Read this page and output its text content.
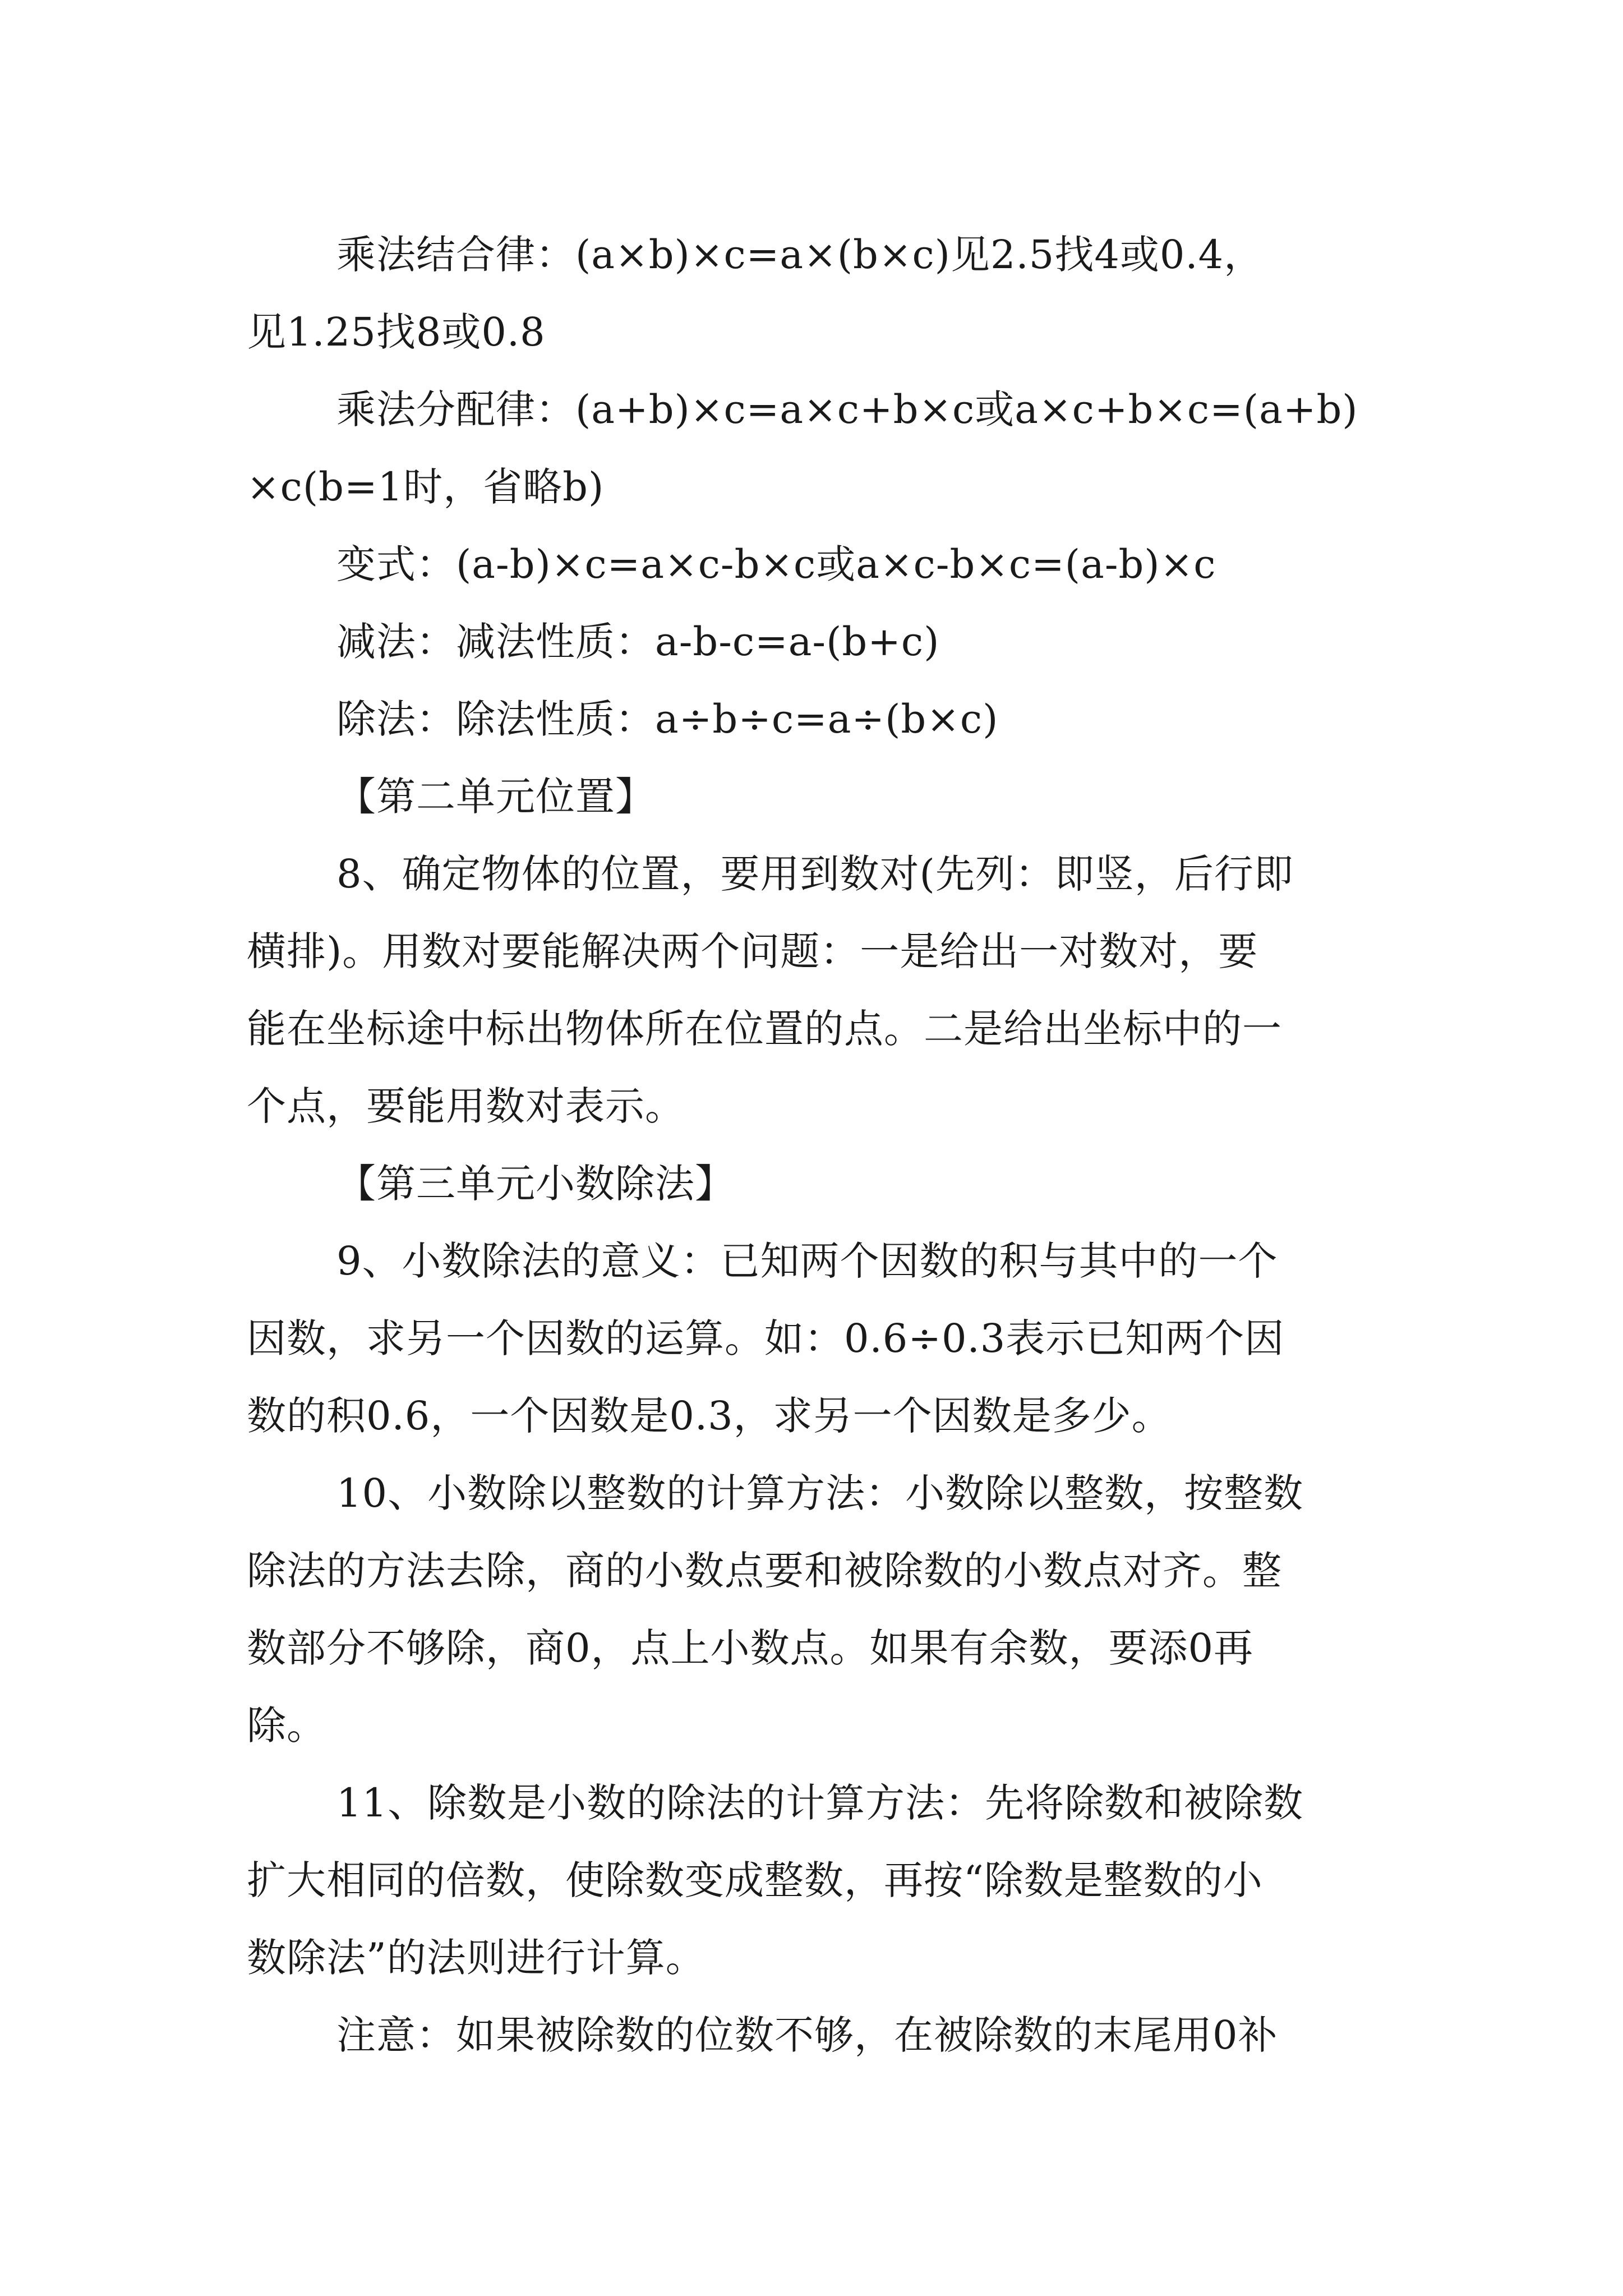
乘法结合律：(a×b)×c=a×(b×c)见2.5找4或0.4，
见1.25找8或0.8
乘法分配律：(a+b)×c=a×c+b×c或a×c+b×c=(a+b)
×c(b=1时，省略b)
变式：(a-b)×c=a×c-b×c或a×c-b×c=(a-b)×c
减法：减法性质：a-b-c=a-(b+c)
除法：除法性质：a÷b÷c=a÷(b×c)
【第二单元位置】
8、确定物体的位置，要用到数对(先列：即竖，后行即
横排)。用数对要能解决两个问题：一是给出一对数对，要
能在坐标途中标出物体所在位置的点。二是给出坐标中的一
个点，要能用数对表示。
【第三单元小数除法】
9、小数除法的意义：已知两个因数的积与其中的一个
因数，求另一个因数的运算。如：0.6÷0.3表示已知两个因
数的积0.6，一个因数是0.3，求另一个因数是多少。
10、小数除以整数的计算方法：小数除以整数，按整数
除法的方法去除，商的小数点要和被除数的小数点对齐。整
数部分不够除，商0，点上小数点。如果有余数，要添0再
除。
11、除数是小数的除法的计算方法：先将除数和被除数
扩大相同的倍数，使除数变成整数，再按“除数是整数的小
数除法”的法则进行计算。
注意：如果被除数的位数不够，在被除数的末尾用0补
